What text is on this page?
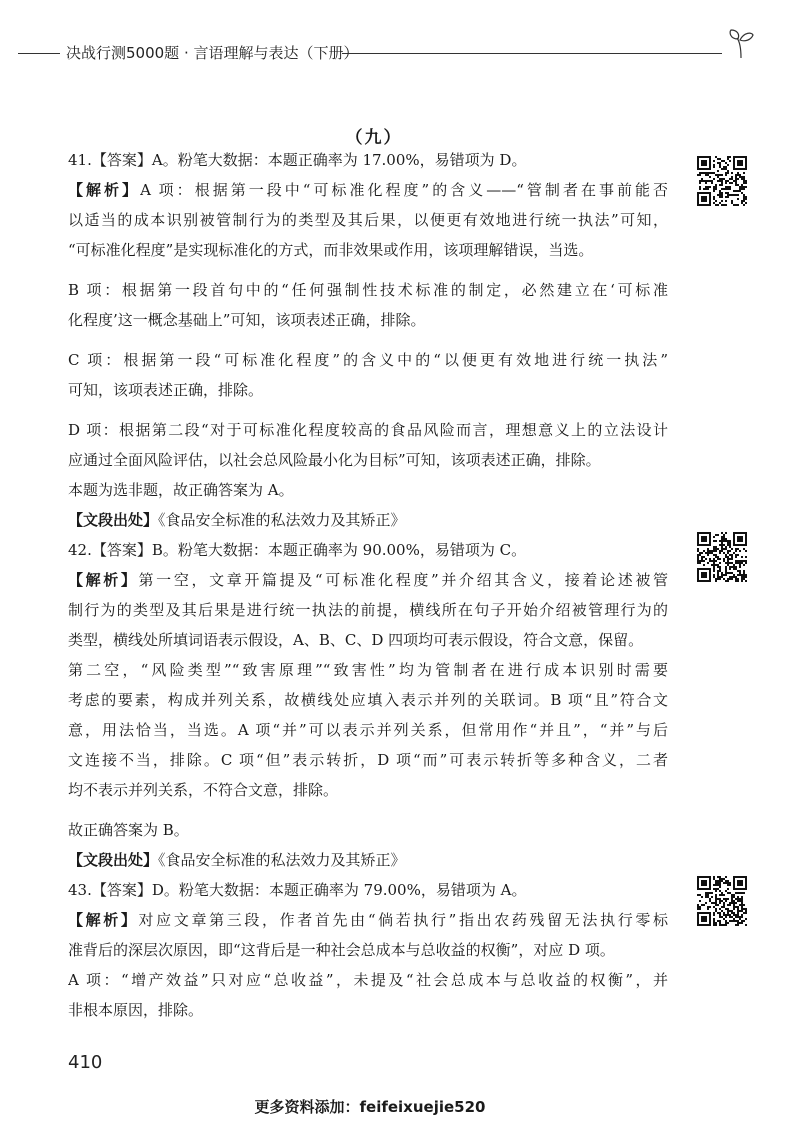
决战行测5000题 · 言语理解与表达（下册）
（九）
41.【答案】A。粉笔大数据：本题正确率为 17.00%，易错项为 D。
【解析】A 项：根据第一段中“可标准化程度”的含义——“管制者在事前能否
以适当的成本识别被管制行为的类型及其后果，以便更有效地进行统一执法”可知，
“可标准化程度”是实现标准化的方式，而非效果或作用，该项理解错误，当选。
B 项：根据第一段首句中的“任何强制性技术标准的制定，必然建立在‘可标准
化程度’这一概念基础上”可知，该项表述正确，排除。
C 项：根据第一段“可标准化程度”的含义中的“以便更有效地进行统一执法”
可知，该项表述正确，排除。
D 项：根据第二段“对于可标准化程度较高的食品风险而言，理想意义上的立法设计
应通过全面风险评估，以社会总风险最小化为目标”可知，该项表述正确，排除。
本题为选非题，故正确答案为 A。
【文段出处】《食品安全标准的私法效力及其矫正》
42.【答案】B。粉笔大数据：本题正确率为 90.00%，易错项为 C。
【解析】第一空，文章开篇提及“可标准化程度”并介绍其含义，接着论述被管
制行为的类型及其后果是进行统一执法的前提，横线所在句子开始介绍被管理行为的
类型，横线处所填词语表示假设，A、B、C、D 四项均可表示假设，符合文意，保留。
第二空，“风险类型”“致害原理”“致害性”均为管制者在进行成本识别时需要
考虑的要素，构成并列关系，故横线处应填入表示并列的关联词。B 项“且”符合文
意，用法恰当，当选。A 项“并”可以表示并列关系，但常用作“并且”，“并”与后
文连接不当，排除。C 项“但”表示转折，D 项“而”可表示转折等多种含义，二者
均不表示并列关系，不符合文意，排除。
故正确答案为 B。
【文段出处】《食品安全标准的私法效力及其矫正》
43.【答案】D。粉笔大数据：本题正确率为 79.00%，易错项为 A。
【解析】对应文章第三段，作者首先由“倘若执行”指出农药残留无法执行零标
准背后的深层次原因，即“这背后是一种社会总成本与总收益的权衡”，对应 D 项。
A 项：“增产效益”只对应“总收益”，未提及“社会总成本与总收益的权衡”，并
非根本原因，排除。
410
更多资料添加：feifeixuejie520
